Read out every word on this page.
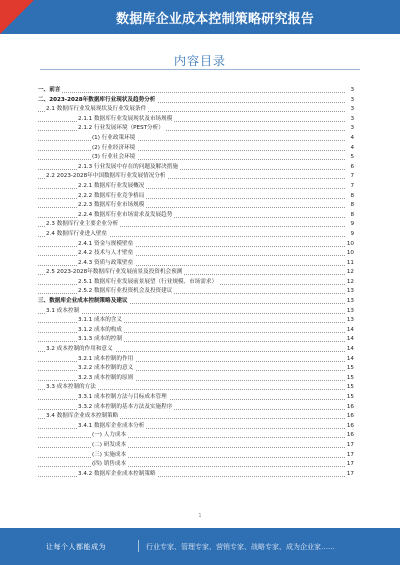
数据库企业成本控制策略研究报告
内容目录
一、前言	3
二、2023-2028年数据库行业现状及趋势分析	3
2.1 数据库行业发展现状及行业发展条件	3
2.1.1 数据库行业发展现状及市场规模	3
2.1.2 行业发展环境（PEST分析）	3
(1) 行业政策环境	4
(2) 行业经济环境	4
(3) 行业社会环境	5
2.1.3 行业发展中存在的问题及解决措施	6
2.2 2023-2028年中国数据库行业发展情况分析	7
2.2.1 数据库行业发展概况	7
2.2.2 数据库行业竞争格局	8
2.2.3 数据库行业市场规模	8
2.2.4 数据库行业市场需求及发展趋势	8
2.3 数据库行业主要企业分析	9
2.4 数据库行业进入壁垒	9
2.4.1 资金与规模壁垒	10
2.4.2 技术与人才壁垒	10
2.4.3 资质与政策壁垒	11
2.5 2023-2028年数据库行业发展前景及投资机会预测	12
2.5.1 数据库行业发展前景展望（行业规模、市场需求）	12
2.5.2 数据库行业投资机会及投资建议	13
三、数据库企业成本控制策略及建议	13
3.1 成本控制	13
3.1.1 成本的含义	13
3.1.2 成本的构成	14
3.1.3 成本的控制	14
3.2 成本控制的作用和意义	14
3.2.1 成本控制的作用	14
3.2.2 成本控制的意义	15
3.2.3 成本控制的原则	15
3.3 成本控制的方法	15
3.3.1 成本控制方法与目标成本管理	15
3.3.2 成本控制的基本方法及实施程序	16
3.4 数据库企业成本控制策略	16
3.4.1 数据库企业成本分析	16
(一) 人力成本	16
(二) 研发成本	17
(三) 实施成本	17
(四) 销售成本	17
3.4.2 数据库企业成本控制策略	17
1
让每个人都能成为	行业专家、管理专家、营销专家、战略专家、成为企业家……
